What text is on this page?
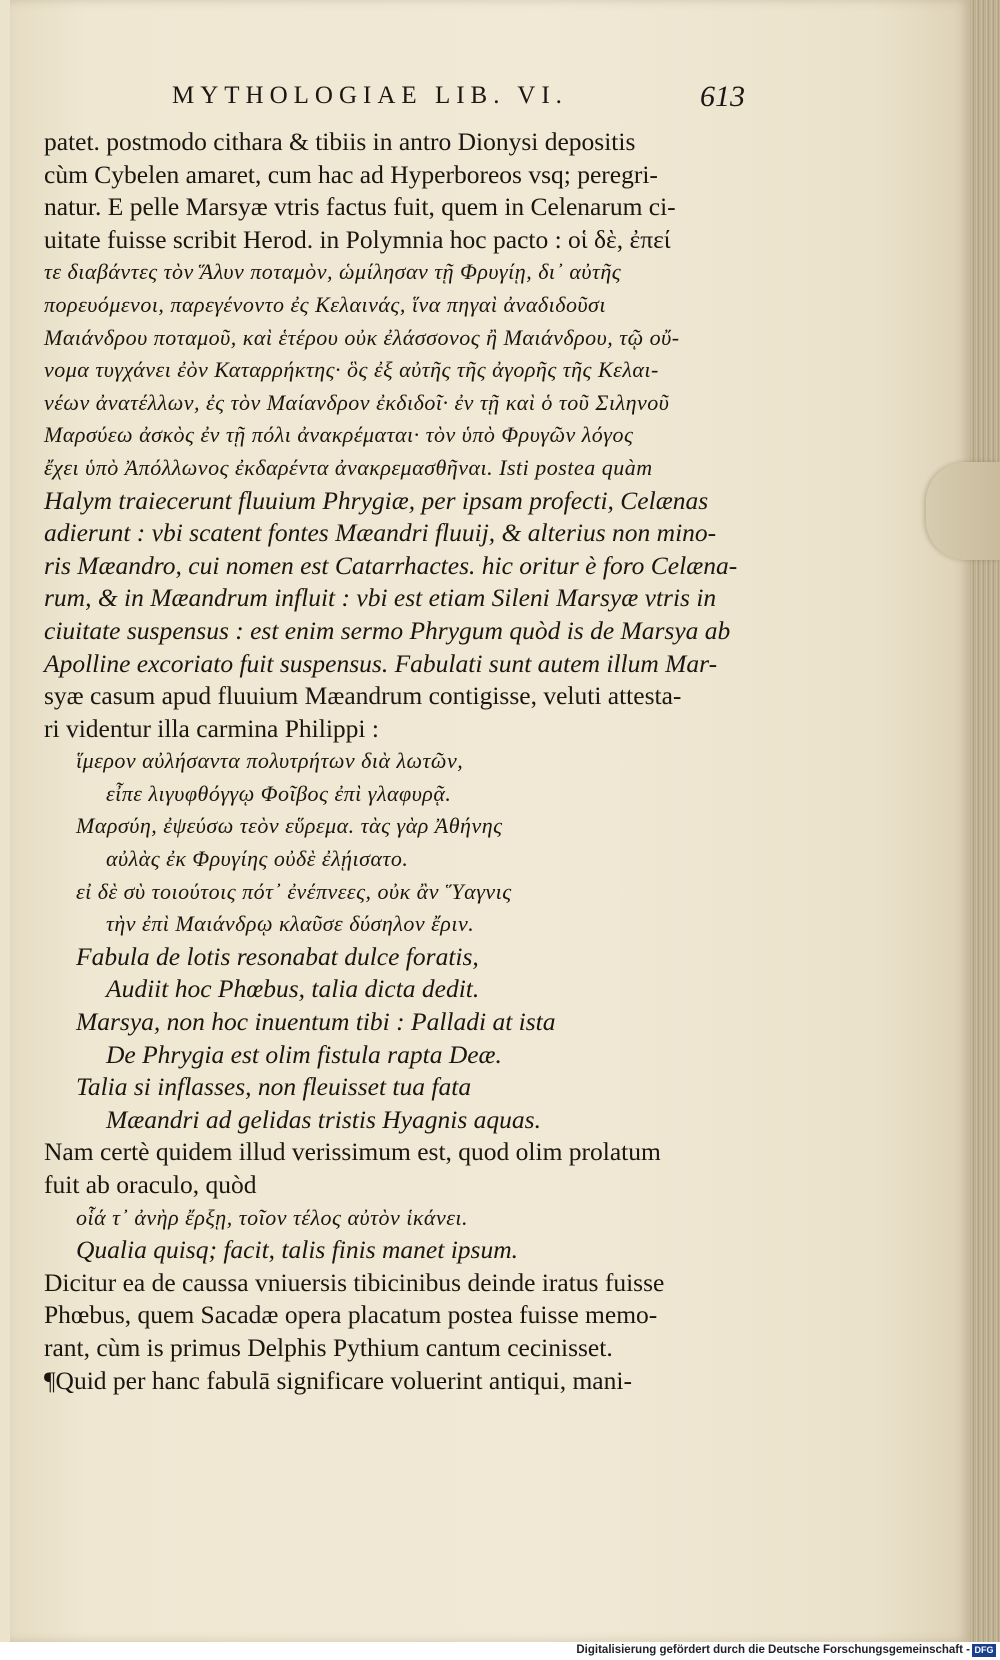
MYTHOLOGIAE LIB. VI.	613
patet. postmodo cithara & tibiis in antro Dionysi depositis
cùm Cybelen amaret, cum hac ad Hyperboreos vsq; peregri-
natur. E pelle Marsyæ vtris factus fuit, quem in Celenarum ci-
uitate fuisse scribit Herod. in Polymnia hoc pacto : οἱ δὲ, ἐπεί
τε διαβάντες τὸν Ἅλυν ποταμὸν, ὡμίλησαν τῇ Φρυγίῃ, δι᾽ αὐτῆς
πορευόμενοι, παρεγένοντο ἐς Κελαινάς, ἵνα πηγαὶ ἀναδιδοῦσι
Μαιάνδρου ποταμοῦ, καὶ ἑτέρου οὐκ ἐλάσσονος ἢ Μαιάνδρου, τῷ οὔ-
νομα τυγχάνει ἐὸν Καταρρήκτης· ὃς ἐξ αὐτῆς τῆς ἀγορῆς τῆς Κελαι-
νέων ἀνατέλλων, ἐς τὸν Μαίανδρον ἐκδιδοῖ· ἐν τῇ καὶ ὁ τοῦ Σιληνοῦ
Μαρσύεω ἀσκὸς ἐν τῇ πόλι ἀνακρέμαται· τὸν ὑπὸ Φρυγῶν λόγος
ἔχει ὑπὸ Ἀπόλλωνος ἐκδαρέντα ἀνακρεμασθῆναι. Isti postea quàm
Halym traiecerunt fluuium Phrygiæ, per ipsam profecti, Celænas
adierunt : vbi scatent fontes Mæandri fluuij, & alterius non mino-
ris Mæandro, cui nomen est Catarrhactes. hic oritur è foro Celæna-
rum, & in Mæandrum influit : vbi est etiam Sileni Marsyæ vtris in
ciuitate suspensus : est enim sermo Phrygum quòd is de Marsya ab
Apolline excoriato fuit suspensus. Fabulati sunt autem illum Mar-
syæ casum apud fluuium Mæandrum contigisse, veluti attesta-
ri videntur illa carmina Philippi :
ἵμερον αὐλήσαντα πολυτρήτων διὰ λωτῶν,
εἶπε λιγυφθόγγῳ Φοῖβος ἐπὶ γλαφυρᾷ.
Μαρσύη, ἐψεύσω τεὸν εὕρεμα. τὰς γὰρ Ἀθήνης
αὐλὰς ἐκ Φρυγίης οὐδὲ ἐλῄισατο.
εἰ δὲ σὺ τοιούτοις πότ᾽ ἐνέπνεες, οὐκ ἂν Ὕαγνις
τὴν ἐπὶ Μαιάνδρῳ κλαῦσε δύσηλον ἔριν.
Fabula de lotis resonabat dulce foratis,
Audiit hoc Phœbus, talia dicta dedit.
Marsya, non hoc inuentum tibi : Palladi at ista
De Phrygia est olim fistula rapta Deæ.
Talia si inflasses, non fleuisset tua fata
Mæandri ad gelidas tristis Hyagnis aquas.
Nam certè quidem illud verissimum est, quod olim prolatum
fuit ab oraculo, quòd
οἷά τ᾽ ἀνὴρ ἔρξῃ, τοῖον τέλος αὐτὸν ἱκάνει.
Qualia quisq; facit, talis finis manet ipsum.
Dicitur ea de caussa vniuersis tibicinibus deinde iratus fuisse
Phœbus, quem Sacadæ opera placatum postea fuisse memo-
rant, cùm is primus Delphis Pythium cantum cecinisset.
¶Quid per hanc fabulā significare voluerint antiqui, mani-
Digitalisierung gefördert durch die Deutsche Forschungsgemeinschaft - DFG
